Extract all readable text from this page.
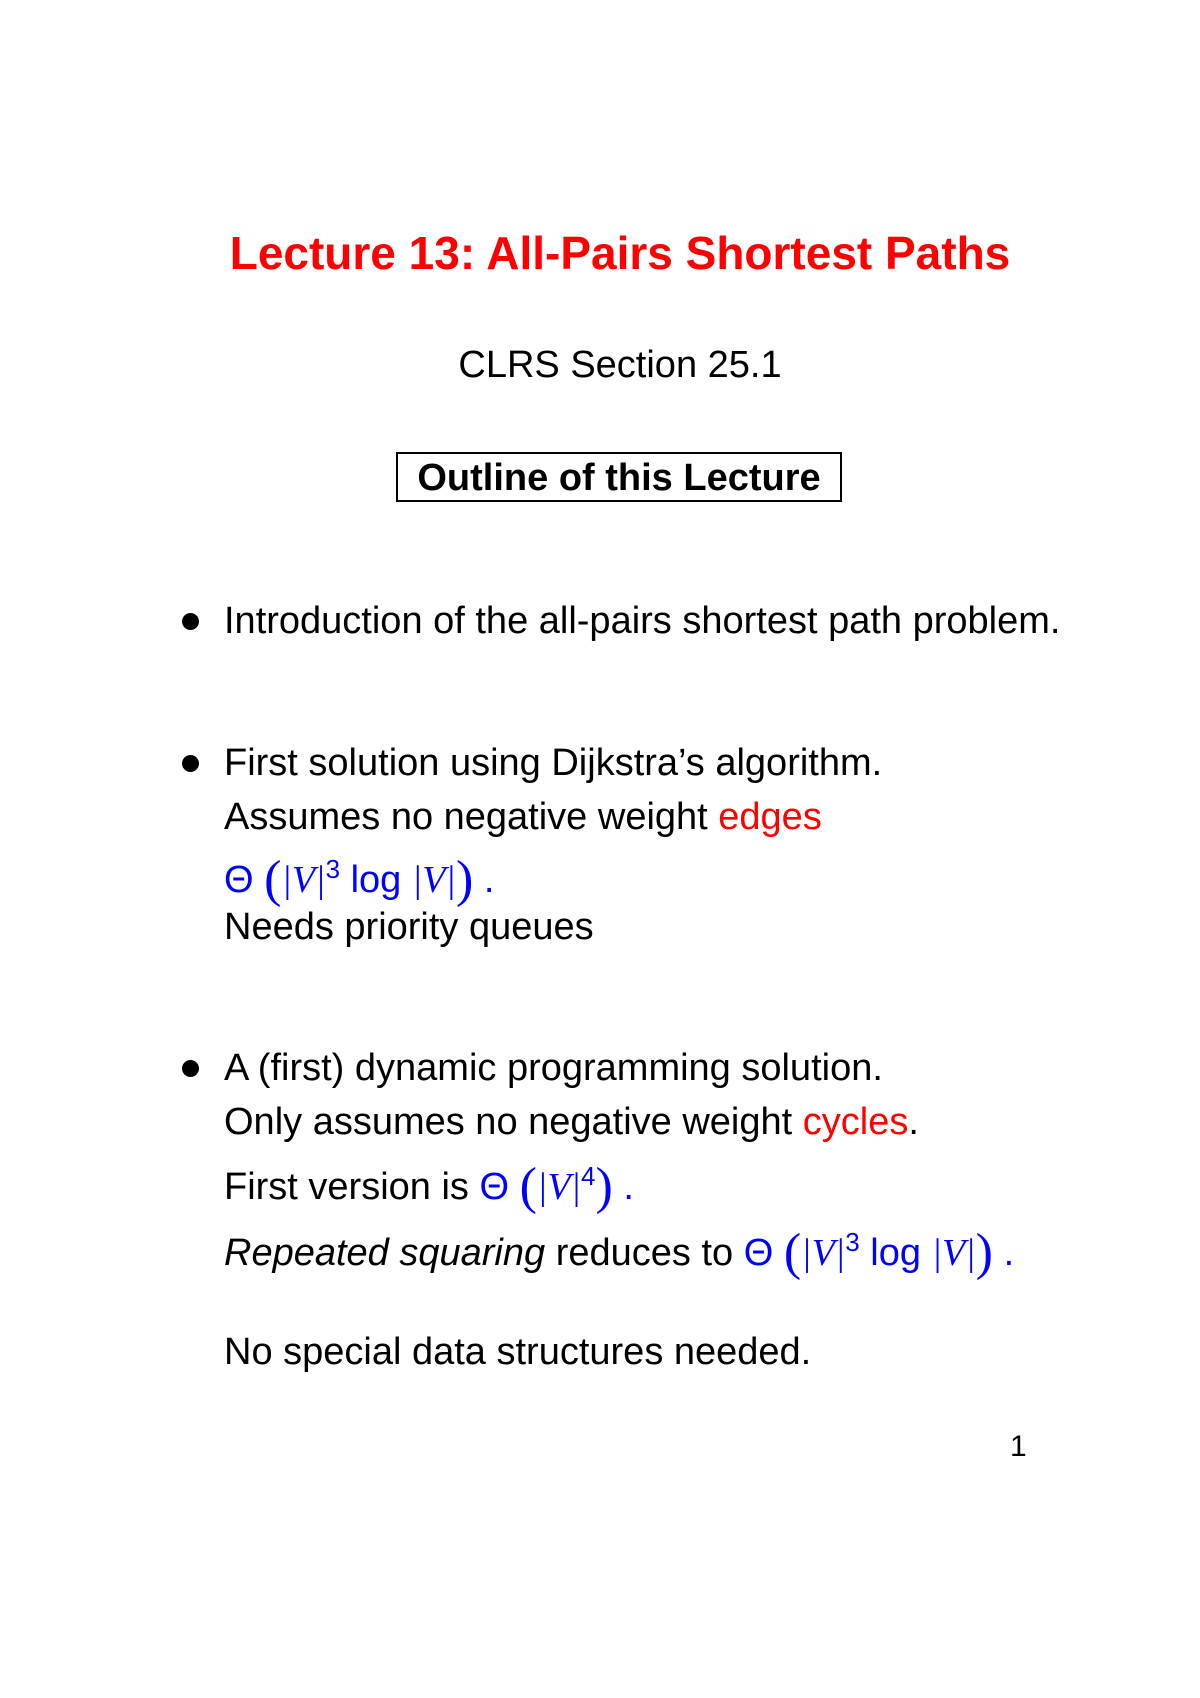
Lecture 13: All-Pairs Shortest Paths
CLRS Section 25.1
Outline of this Lecture
Introduction of the all-pairs shortest path problem.
First solution using Dijkstra’s algorithm.
Assumes no negative weight edges
Θ ($|V|^3$ log |V|) .
Needs priority queues
A (first) dynamic programming solution.
Only assumes no negative weight cycles.
First version is Θ $(|V|^4)$ .
Repeated squaring reduces to Θ ($|V|^3$ log |V|) .
No special data structures needed.
1
